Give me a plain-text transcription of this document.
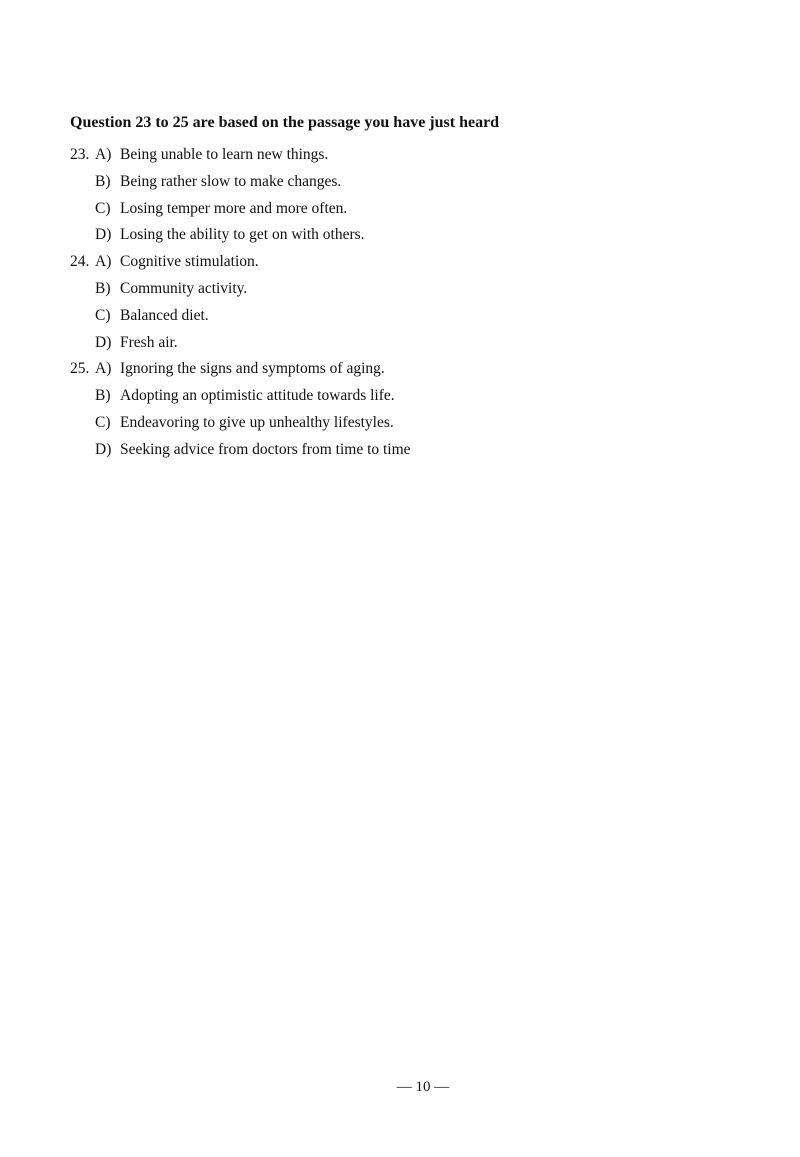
Question 23 to 25 are based on the passage you have just heard
23. A) Being unable to learn new things.
B) Being rather slow to make changes.
C) Losing temper more and more often.
D) Losing the ability to get on with others.
24. A) Cognitive stimulation.
B) Community activity.
C) Balanced diet.
D) Fresh air.
25. A) Ignoring the signs and symptoms of aging.
B) Adopting an optimistic attitude towards life.
C) Endeavoring to give up unhealthy lifestyles.
D) Seeking advice from doctors from time to time
— 10 —
